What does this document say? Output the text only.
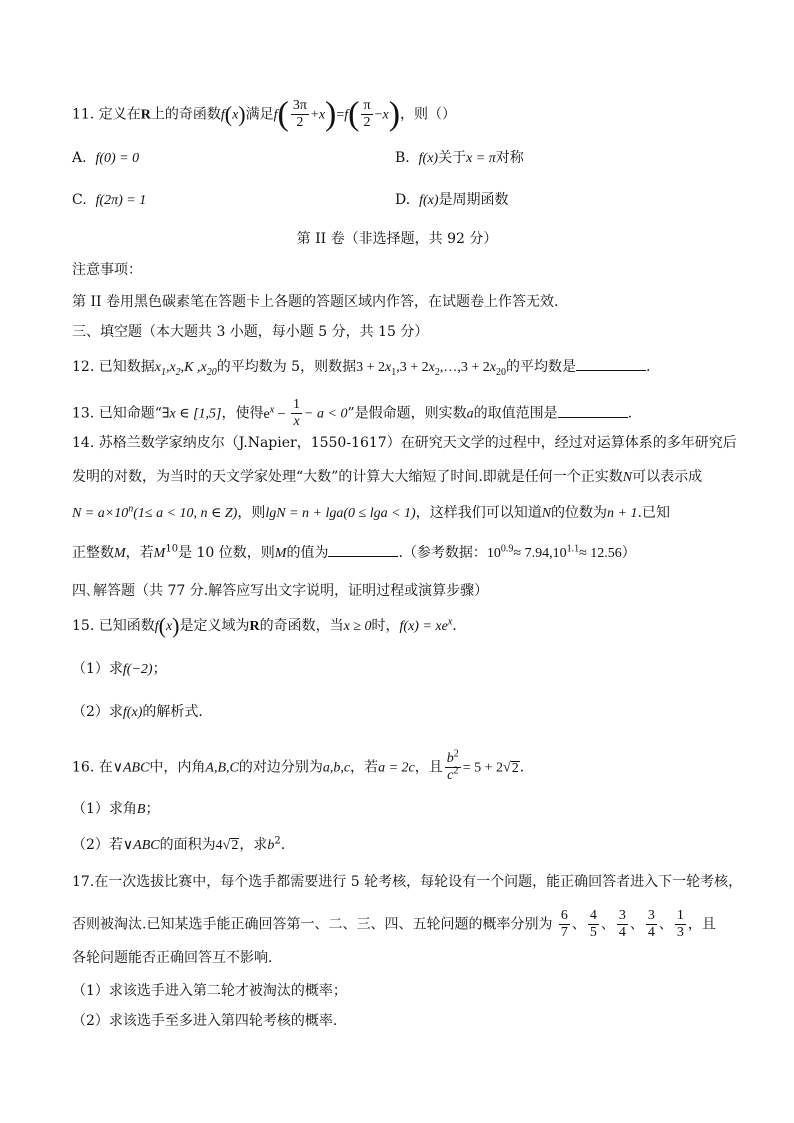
11. 定义在R上的奇函数f(x)满足$f( \frac{3\pi}{2} +x)=f( \frac{\pi}{2} -x)$，则（）
A. f(0) = 0	B. f(x)关于x = π对称
C. f(2π) = 1	D. f(x)是周期函数
第 II 卷（非选择题，共 92 分）
注意事项：
第 II 卷用黑色碳素笔在答题卡上各题的答题区域内作答，在试题卷上作答无效.
三、填空题（本大题共 3 小题，每小题 5 分，共 15 分）
12. 已知数据$x_1,x_2,K$ $,x_{20}$的平均数为 5，则数据$3 + 2x_1,3$ + $2x_2,\dots,3 + 2x_{20}$的平均数是	.
13. 已知命题“∃x ∈ [1,5]，使得$e^x - \frac{1}{x} - a < 0$”是假命题，则实数a的取值范围是	.
14. 苏格兰数学家纳皮尔（J.Napier，1550-1617）在研究天文学的过程中，经过对运算体系的多年研究后
发明的对数，为当时的天文学家处理“大数”的计算大大缩短了时间.即就是任何一个正实数N可以表示成
$N = a\times 10^n(1\le a < 10$, n ∈ Z)，则lgN = n + lga(0 ≤ lga < 1)，这样我们可以知道N的位数为n + 1.已知
正整数M，若$M^{10}$是 10 位数，则M的值为	.（参考数据：$10^{0.9}\approx 7.94,10^{1.1}\approx 12.56$）
四､解答题（共 77 分.解答应写出文字说明，证明过程或演算步骤）
15. 已知函数f(x)是定义域为R的奇函数，当x ≥ 0时，$f(x) = xe^x$.
（1）求f(−2)；
（2）求f(x)的解析式.
16. 在∨ABC中，内角A,B,C的对边分别为a,b,c，若a = 2c，且 $\frac{b^2}{c^2} = 5 + 2√2$.
（1）求角B；
（2）若∨ABC的面积为4√2，求$b^2$.
17.在一次选拔比赛中，每个选手都需要进行 5 轮考核，每轮设有一个问题，能正确回答者进入下一轮考核，
否则被淘汰.已知某选手能正确回答第一、二、三、四、五轮问题的概率分别为 $\frac{6}{7}$ 、 $\frac{4}{5}$ 、 $\frac{3}{4}$ 、 $\frac{3}{4}$ 、 $\frac{1}{3}$ ，且
各轮问题能否正确回答互不影响.
（1）求该选手进入第二轮才被淘汰的概率；
（2）求该选手至多进入第四轮考核的概率.
